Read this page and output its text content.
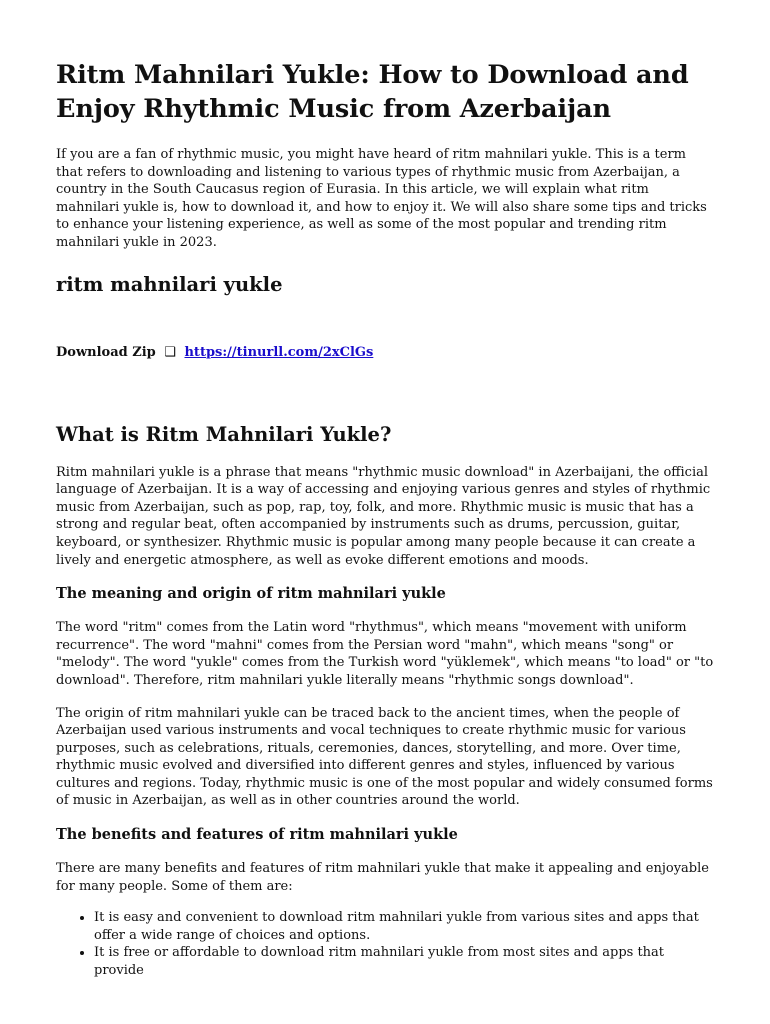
Ritm Mahnilari Yukle: How to Download and Enjoy Rhythmic Music from Azerbaijan

If you are a fan of rhythmic music, you might have heard of ritm mahnilari yukle. This is a term that refers to downloading and listening to various types of rhythmic music from Azerbaijan, a country in the South Caucasus region of Eurasia. In this article, we will explain what ritm mahnilari yukle is, how to download it, and how to enjoy it. We will also share some tips and tricks to enhance your listening experience, as well as some of the most popular and trending ritm mahnilari yukle in 2023.

ritm mahnilari yukle
Download Zip ❑ https://tinurll.com/2xClGs
What is Ritm Mahnilari Yukle?

Ritm mahnilari yukle is a phrase that means "rhythmic music download" in Azerbaijani, the official language of Azerbaijan. It is a way of accessing and enjoying various genres and styles of rhythmic music from Azerbaijan, such as pop, rap, toy, folk, and more. Rhythmic music is music that has a strong and regular beat, often accompanied by instruments such as drums, percussion, guitar, keyboard, or synthesizer. Rhythmic music is popular among many people because it can create a lively and energetic atmosphere, as well as evoke different emotions and moods.

The meaning and origin of ritm mahnilari yukle

The word "ritm" comes from the Latin word "rhythmus", which means "movement with uniform recurrence". The word "mahni" comes from the Persian word "mahn", which means "song" or "melody". The word "yukle" comes from the Turkish word "yüklemek", which means "to load" or "to download". Therefore, ritm mahnilari yukle literally means "rhythmic songs download".

The origin of ritm mahnilari yukle can be traced back to the ancient times, when the people of Azerbaijan used various instruments and vocal techniques to create rhythmic music for various purposes, such as celebrations, rituals, ceremonies, dances, storytelling, and more. Over time, rhythmic music evolved and diversified into different genres and styles, influenced by various cultures and regions. Today, rhythmic music is one of the most popular and widely consumed forms of music in Azerbaijan, as well as in other countries around the world.

The benefits and features of ritm mahnilari yukle

There are many benefits and features of ritm mahnilari yukle that make it appealing and enjoyable for many people. Some of them are:

• It is easy and convenient to download ritm mahnilari yukle from various sites and apps that offer a wide range of choices and options.
• It is free or affordable to download ritm mahnilari yukle from most sites and apps that provide
